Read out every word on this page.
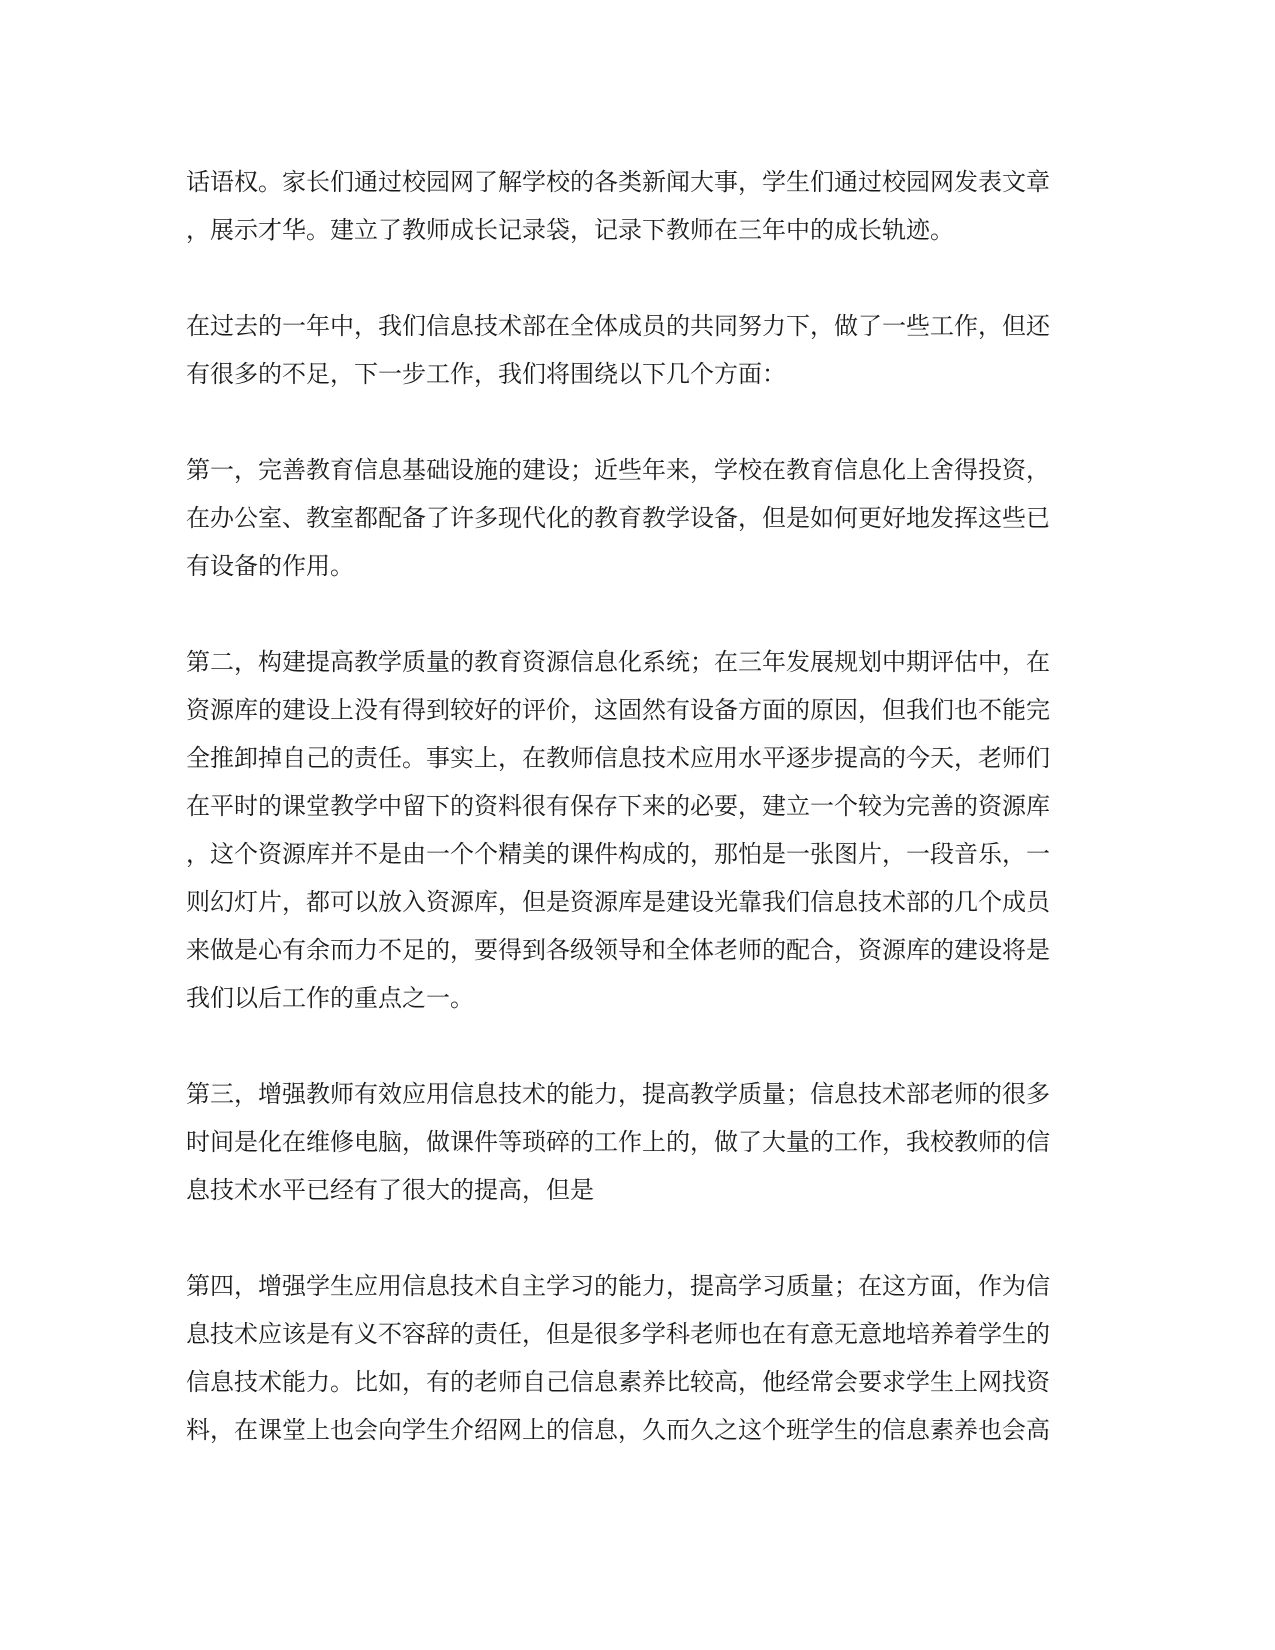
话语权。家长们通过校园网了解学校的各类新闻大事，学生们通过校园网发表文章
，展示才华。建立了教师成长记录袋，记录下教师在三年中的成长轨迹。

在过去的一年中，我们信息技术部在全体成员的共同努力下，做了一些工作，但还
有很多的不足，下一步工作，我们将围绕以下几个方面：

第一，完善教育信息基础设施的建设；近些年来，学校在教育信息化上舍得投资，
在办公室、教室都配备了许多现代化的教育教学设备，但是如何更好地发挥这些已
有设备的作用。

第二，构建提高教学质量的教育资源信息化系统；在三年发展规划中期评估中，在
资源库的建设上没有得到较好的评价，这固然有设备方面的原因，但我们也不能完
全推卸掉自己的责任。事实上，在教师信息技术应用水平逐步提高的今天，老师们
在平时的课堂教学中留下的资料很有保存下来的必要，建立一个较为完善的资源库
，这个资源库并不是由一个个精美的课件构成的，那怕是一张图片，一段音乐，一
则幻灯片，都可以放入资源库，但是资源库是建设光靠我们信息技术部的几个成员
来做是心有余而力不足的，要得到各级领导和全体老师的配合，资源库的建设将是
我们以后工作的重点之一。

第三，增强教师有效应用信息技术的能力，提高教学质量；信息技术部老师的很多
时间是化在维修电脑，做课件等琐碎的工作上的，做了大量的工作，我校教师的信
息技术水平已经有了很大的提高，但是

第四，增强学生应用信息技术自主学习的能力，提高学习质量；在这方面，作为信
息技术应该是有义不容辞的责任，但是很多学科老师也在有意无意地培养着学生的
信息技术能力。比如，有的老师自己信息素养比较高，他经常会要求学生上网找资
料，在课堂上也会向学生介绍网上的信息，久而久之这个班学生的信息素养也会高
